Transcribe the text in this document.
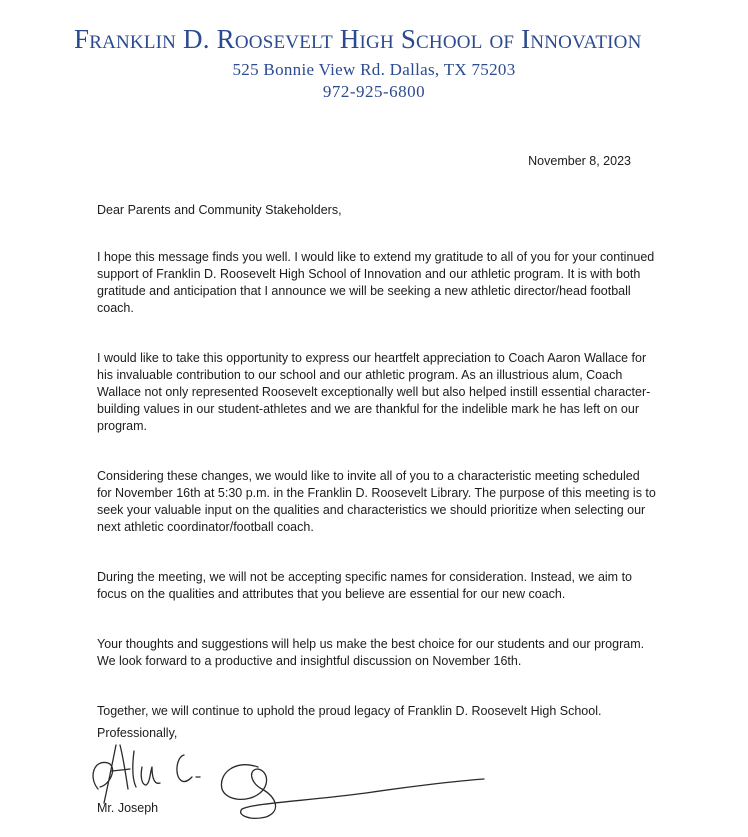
Franklin D. Roosevelt High School of Innovation
525 Bonnie View Rd. Dallas, TX 75203
972-925-6800
November 8, 2023

Dear Parents and Community Stakeholders,

I hope this message finds you well. I would like to extend my gratitude to all of you for your continued support of Franklin D. Roosevelt High School of Innovation and our athletic program. It is with both gratitude and anticipation that I announce we will be seeking a new athletic director/head football coach.

I would like to take this opportunity to express our heartfelt appreciation to Coach Aaron Wallace for his invaluable contribution to our school and our athletic program. As an illustrious alum, Coach Wallace not only represented Roosevelt exceptionally well but also helped instill essential character-building values in our student-athletes and we are thankful for the indelible mark he has left on our program.

Considering these changes, we would like to invite all of you to a characteristic meeting scheduled for November 16th at 5:30 p.m. in the Franklin D. Roosevelt Library. The purpose of this meeting is to seek your valuable input on the qualities and characteristics we should prioritize when selecting our next athletic coordinator/football coach.

During the meeting, we will not be accepting specific names for consideration. Instead, we aim to focus on the qualities and attributes that you believe are essential for our new coach.

Your thoughts and suggestions will help us make the best choice for our students and our program. We look forward to a productive and insightful discussion on November 16th.

Together, we will continue to uphold the proud legacy of Franklin D. Roosevelt High School.

Professionally,
Mr. Joseph
